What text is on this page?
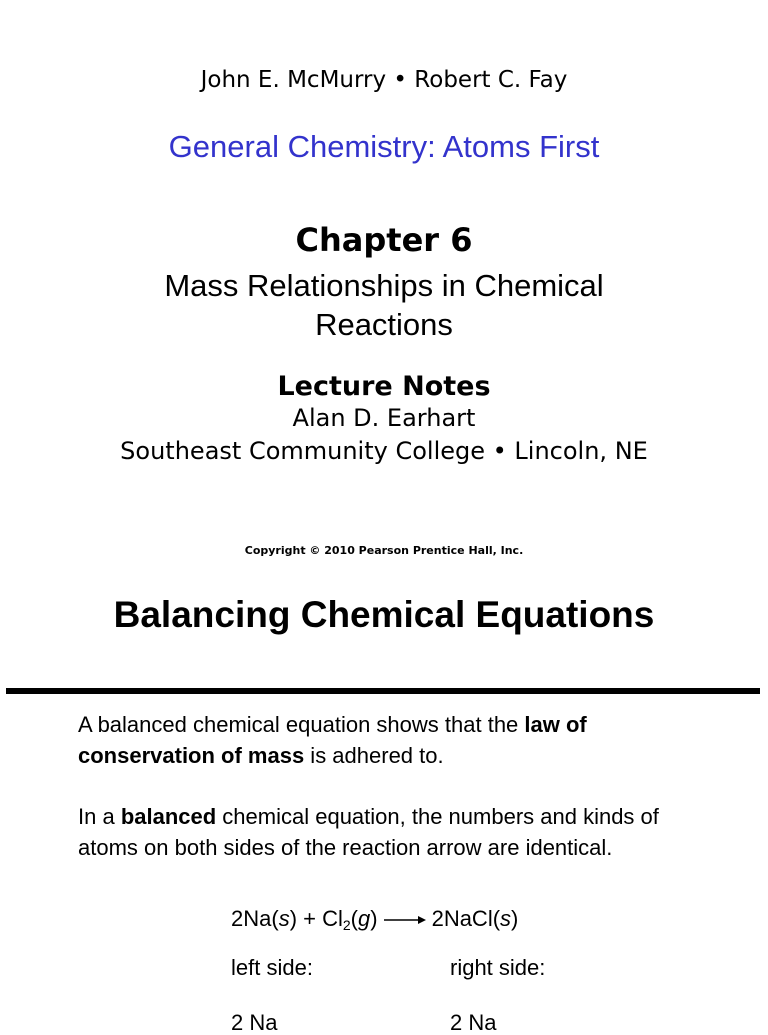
John E. McMurry • Robert C. Fay
General Chemistry: Atoms First
Chapter 6
Mass Relationships in Chemical Reactions
Lecture Notes
Alan D. Earhart
Southeast Community College • Lincoln, NE
Copyright © 2010 Pearson Prentice Hall, Inc.
Balancing Chemical Equations
A balanced chemical equation shows that the law of conservation of mass is adhered to.
In a balanced chemical equation, the numbers and kinds of atoms on both sides of the reaction arrow are identical.
$2Na(s) + Cl_2(g)$ 2NaCl(s)
left side:	right side:
2 Na	2 Na
